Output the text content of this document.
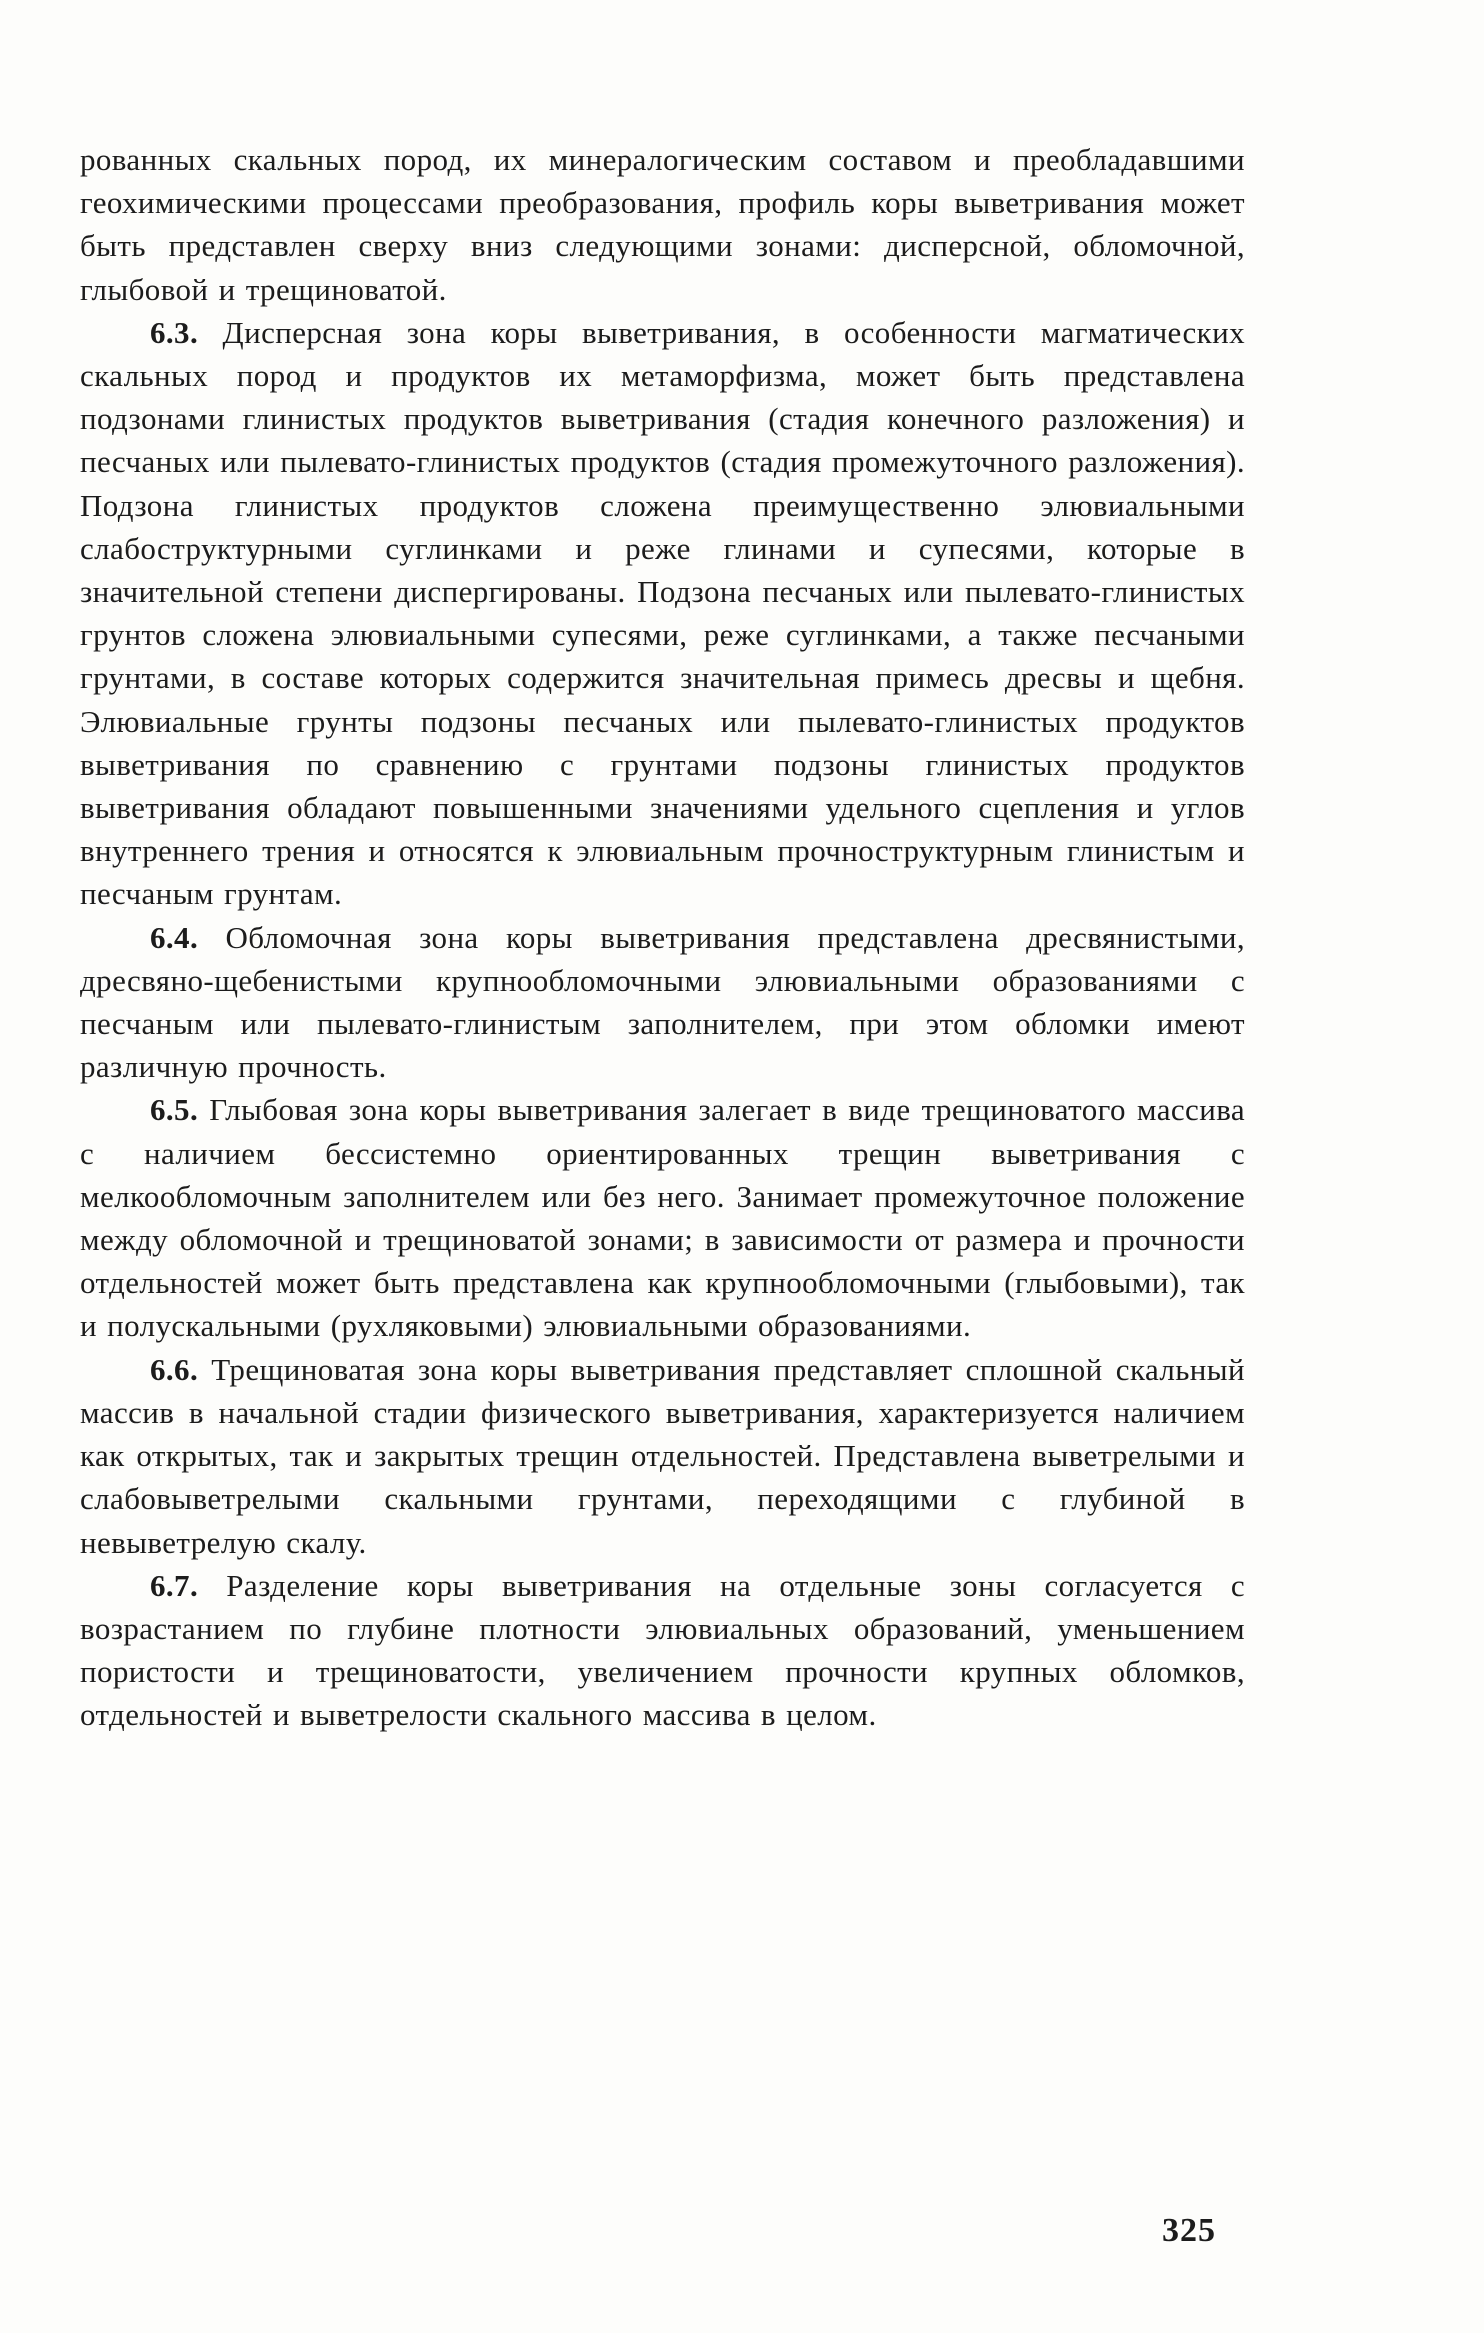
рованных скальных пород, их минералогическим составом и преобладавшими геохимическими процессами преобразования, профиль коры выветривания может быть представлен сверху вниз следующими зонами: дисперсной, обломочной, глыбовой и трещиноватой.

6.3. Дисперсная зона коры выветривания, в особенности магматических скальных пород и продуктов их метаморфизма, может быть представлена подзонами глинистых продуктов выветривания (стадия конечного разложения) и песчаных или пылевато-глинистых продуктов (стадия промежуточного разложения). Подзона глинистых продуктов сложена преимущественно элювиальными слабоструктурными суглинками и реже глинами и супесями, которые в значительной степени диспергированы. Подзона песчаных или пылевато-глинистых грунтов сложена элювиальными супесями, реже суглинками, а также песчаными грунтами, в составе которых содержится значительная примесь дресвы и щебня. Элювиальные грунты подзоны песчаных или пылевато-глинистых продуктов выветривания по сравнению с грунтами подзоны глинистых продуктов выветривания обладают повышенными значениями удельного сцепления и углов внутреннего трения и относятся к элювиальным прочноструктурным глинистым и песчаным грунтам.

6.4. Обломочная зона коры выветривания представлена дресвянистыми, дресвяно-щебенистыми крупнообломочными элювиальными образованиями с песчаным или пылевато-глинистым заполнителем, при этом обломки имеют различную прочность.

6.5. Глыбовая зона коры выветривания залегает в виде трещиноватого массива с наличием бессистемно ориентированных трещин выветривания с мелкообломочным заполнителем или без него. Занимает промежуточное положение между обломочной и трещиноватой зонами; в зависимости от размера и прочности отдельностей может быть представлена как крупнообломочными (глыбовыми), так и полускальными (рухляковыми) элювиальными образованиями.

6.6. Трещиноватая зона коры выветривания представляет сплошной скальный массив в начальной стадии физического выветривания, характеризуется наличием как открытых, так и закрытых трещин отдельностей. Представлена выветрелыми и слабовыветрелыми скальными грунтами, переходящими с глубиной в невыветрелую скалу.

6.7. Разделение коры выветривания на отдельные зоны согласуется с возрастанием по глубине плотности элювиальных образований, уменьшением пористости и трещиноватости, увеличением прочности крупных обломков, отдельностей и выветрелости скального массива в целом.

325
